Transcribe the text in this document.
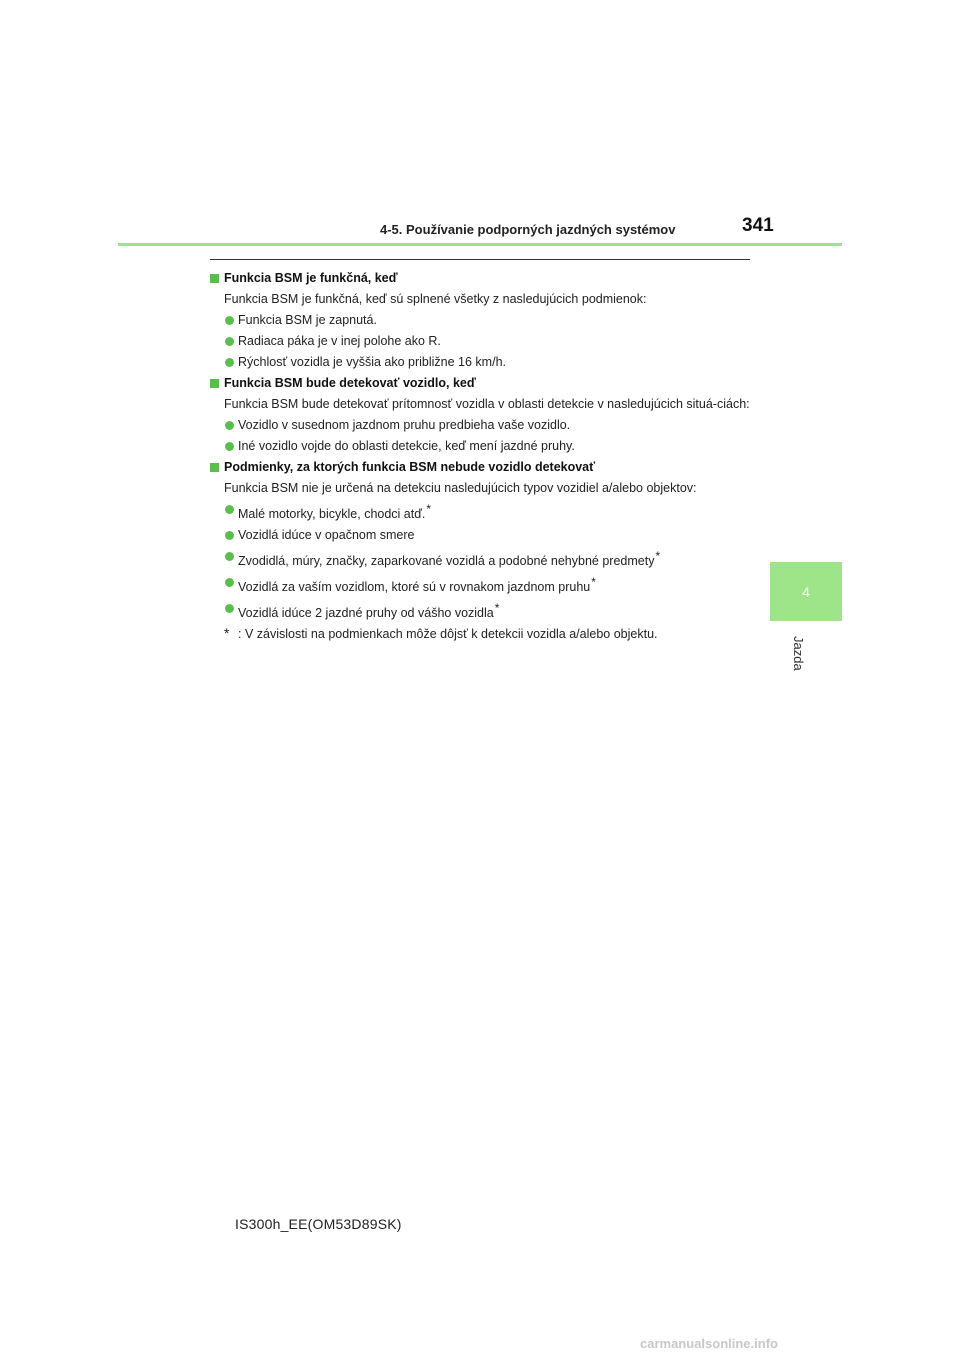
4-5. Používanie podporných jazdných systémov	341
4
Jazda
Funkcia BSM je funkčná, keď
Funkcia BSM je funkčná, keď sú splnené všetky z nasledujúcich podmienok:
Funkcia BSM je zapnutá.
Radiaca páka je v inej polohe ako R.
Rýchlosť vozidla je vyššia ako približne 16 km/h.
Funkcia BSM bude detekovať vozidlo, keď
Funkcia BSM bude detekovať prítomnosť vozidla v oblasti detekcie v nasledujúcich situá-ciách:
Vozidlo v susednom jazdnom pruhu predbieha vaše vozidlo.
Iné vozidlo vojde do oblasti detekcie, keď mení jazdné pruhy.
Podmienky, za ktorých funkcia BSM nebude vozidlo detekovať
Funkcia BSM nie je určená na detekciu nasledujúcich typov vozidiel a/alebo objektov:
Malé motorky, bicykle, chodci atď.*
Vozidlá idúce v opačnom smere
Zvodidlá, múry, značky, zaparkované vozidlá a podobné nehybné predmety*
Vozidlá za vaším vozidlom, ktoré sú v rovnakom jazdnom pruhu*
Vozidlá idúce 2 jazdné pruhy od vášho vozidla*
* : V závislosti na podmienkach môže dôjsť k detekcii vozidla a/alebo objektu.
IS300h_EE(OM53D89SK)
carmanualsonline.info
